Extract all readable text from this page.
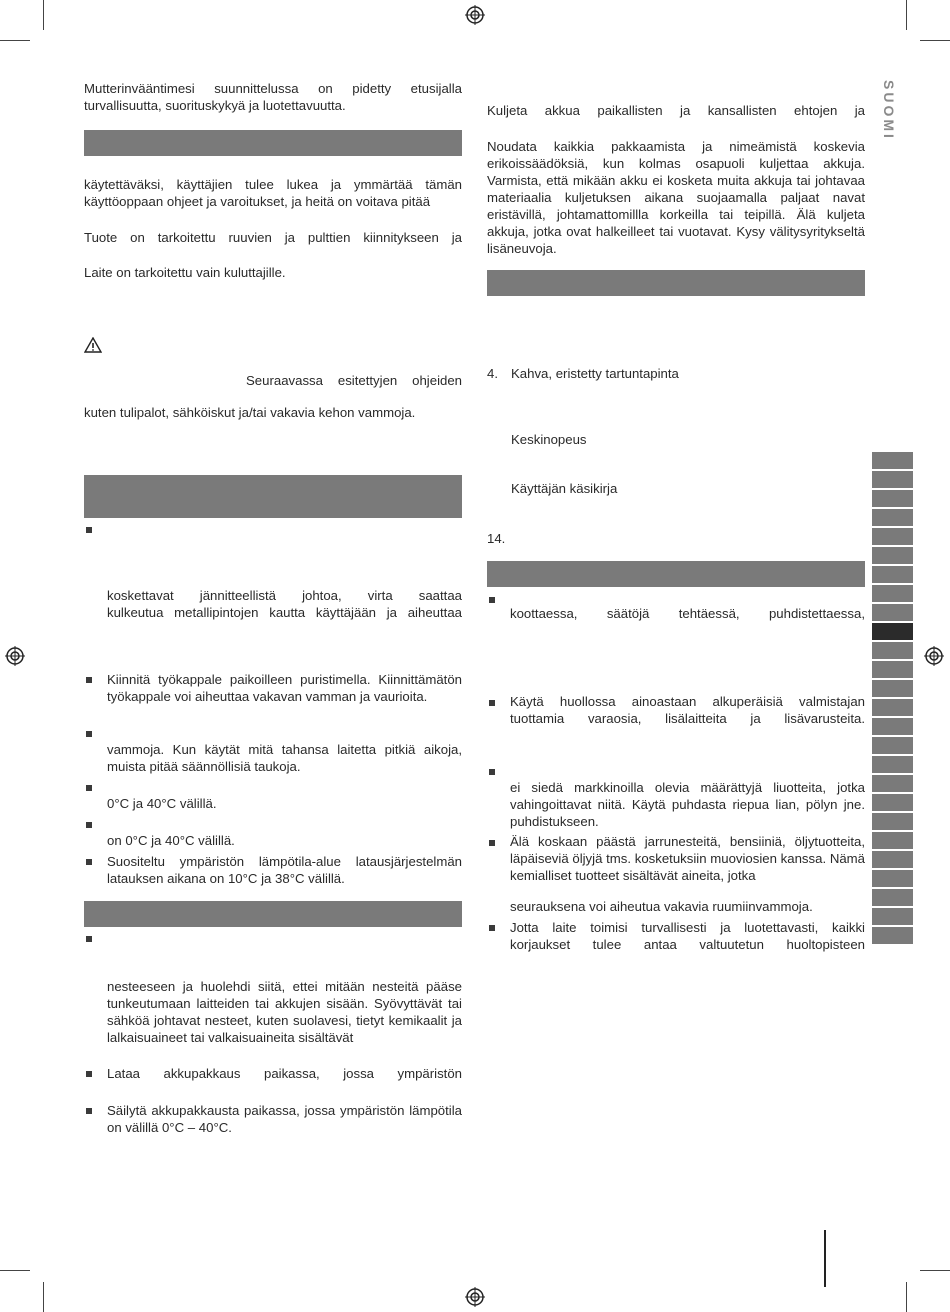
SUOMI

Mutterinvääntimesi suunnittelussa on pidetty etusijalla turvallisuutta, suorituskykyä ja luotettavuutta.

käytettäväksi, käyttäjien tulee lukea ja ymmärtää tämän käyttöoppaan ohjeet ja varoitukset, ja heitä on voitava pitää

Tuote on tarkoitettu ruuvien ja pulttien kiinnitykseen ja

Laite on tarkoitettu vain kuluttajille.

Seuraavassa esitettyjen ohjeiden

kuten tulipalot, sähköiskut ja/tai vakavia kehon vammoja.

koskettavat jännitteellistä johtoa, virta saattaa

kulkeutua metallipintojen kautta käyttäjään ja aiheuttaa

Kiinnitä työkappale paikoilleen puristimella. Kiinnittämätön työkappale voi aiheuttaa vakavan vamman ja vaurioita.

vammoja. Kun käytät mitä tahansa laitetta pitkiä aikoja, muista pitää säännöllisiä taukoja.

0°C ja 40°C välillä.

on 0°C ja 40°C välillä.

Suositeltu ympäristön lämpötila-alue latausjärjestelmän latauksen aikana on 10°C ja 38°C välillä.

nesteeseen ja huolehdi siitä, ettei mitään nesteitä pääse tunkeutumaan laitteiden tai akkujen sisään. Syövyttävät tai sähköä johtavat nesteet, kuten suolavesi, tietyt kemikaalit ja lalkaisuaineet tai valkaisuaineita sisältävät

Lataa akkupakkaus paikassa, jossa ympäristön

Säilytä akkupakkausta paikassa, jossa ympäristön lämpötila on välillä 0°C – 40°C.

Kuljeta akkua paikallisten ja kansallisten ehtojen ja

Noudata kaikkia pakkaamista ja nimeämistä koskevia erikoissäädöksiä, kun kolmas osapuoli kuljettaa akkuja. Varmista, että mikään akku ei kosketa muita akkuja tai johtavaa materiaalia kuljetuksen aikana suojaamalla paljaat navat eristävillä, johtamattomillla korkeilla tai teipillä. Älä kuljeta akkuja, jotka ovat halkeilleet tai vuotavat. Kysy välitysyritykseltä lisäneuvoja.

4. Kahva, eristetty tartuntapinta
Keskinopeus
Käyttäjän käsikirja
14.

koottaessa, säätöjä tehtäessä, puhdistettaessa,

Käytä huollossa ainoastaan alkuperäisiä valmistajan tuottamia varaosia, lisälaitteita ja lisävarusteita.

ei siedä markkinoilla olevia määrättyjä liuotteita, jotka vahingoittavat niitä. Käytä puhdasta riepua lian, pölyn jne. puhdistukseen.

Älä koskaan päästä jarrunesteitä, bensiiniä, öljytuotteita, läpäiseviä öljyjä tms. kosketuksiin muoviosien kanssa. Nämä kemialliset tuotteet sisältävät aineita, jotka

seurauksena voi aiheutua vakavia ruumiinvammoja.

Jotta laite toimisi turvallisesti ja luotettavasti, kaikki korjaukset tulee antaa valtuutetun huoltopisteen
